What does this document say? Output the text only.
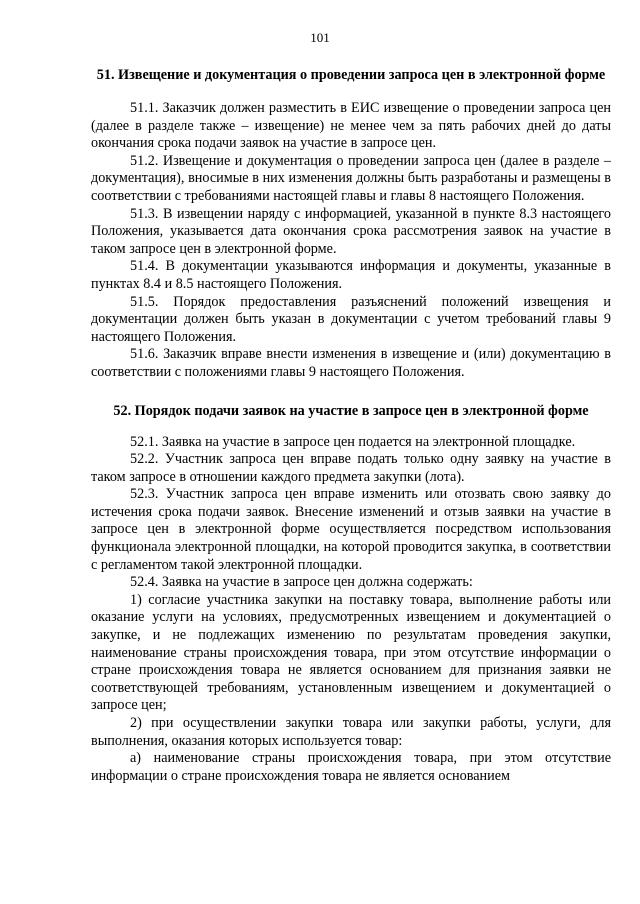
101
51. Извещение и документация о проведении запроса цен в электронной форме

51.1. Заказчик должен разместить в ЕИС извещение о проведении запроса цен (далее в разделе также – извещение) не менее чем за пять рабочих дней до даты окончания срока подачи заявок на участие в запросе цен.

51.2. Извещение и документация о проведении запроса цен (далее в разделе – документация), вносимые в них изменения должны быть разработаны и размещены в соответствии с требованиями настоящей главы и главы 8 настоящего Положения.

51.3. В извещении наряду с информацией, указанной в пункте 8.3 настоящего Положения, указывается дата окончания срока рассмотрения заявок на участие в таком запросе цен в электронной форме.

51.4. В документации указываются информация и документы, указанные в пунктах 8.4 и 8.5 настоящего Положения.

51.5. Порядок предоставления разъяснений положений извещения и документации должен быть указан в документации с учетом требований главы 9 настоящего Положения.

51.6. Заказчик вправе внести изменения в извещение и (или) документацию в соответствии с положениями главы 9 настоящего Положения.

52. Порядок подачи заявок на участие в запросе цен в электронной форме

52.1. Заявка на участие в запросе цен подается на электронной площадке.

52.2. Участник запроса цен вправе подать только одну заявку на участие в таком запросе в отношении каждого предмета закупки (лота).

52.3. Участник запроса цен вправе изменить или отозвать свою заявку до истечения срока подачи заявок. Внесение изменений и отзыв заявки на участие в запросе цен в электронной форме осуществляется посредством использования функционала электронной площадки, на которой проводится закупка, в соответствии с регламентом такой электронной площадки.

52.4. Заявка на участие в запросе цен должна содержать:

1) согласие участника закупки на поставку товара, выполнение работы или оказание услуги на условиях, предусмотренных извещением и документацией о закупке, и не подлежащих изменению по результатам проведения закупки, наименование страны происхождения товара, при этом отсутствие информации о стране происхождения товара не является основанием для признания заявки не соответствующей требованиям, установленным извещением и документацией о запросе цен;

2) при осуществлении закупки товара или закупки работы, услуги, для выполнения, оказания которых используется товар:

а) наименование страны происхождения товара, при этом отсутствие информации о стране происхождения товара не является основанием
